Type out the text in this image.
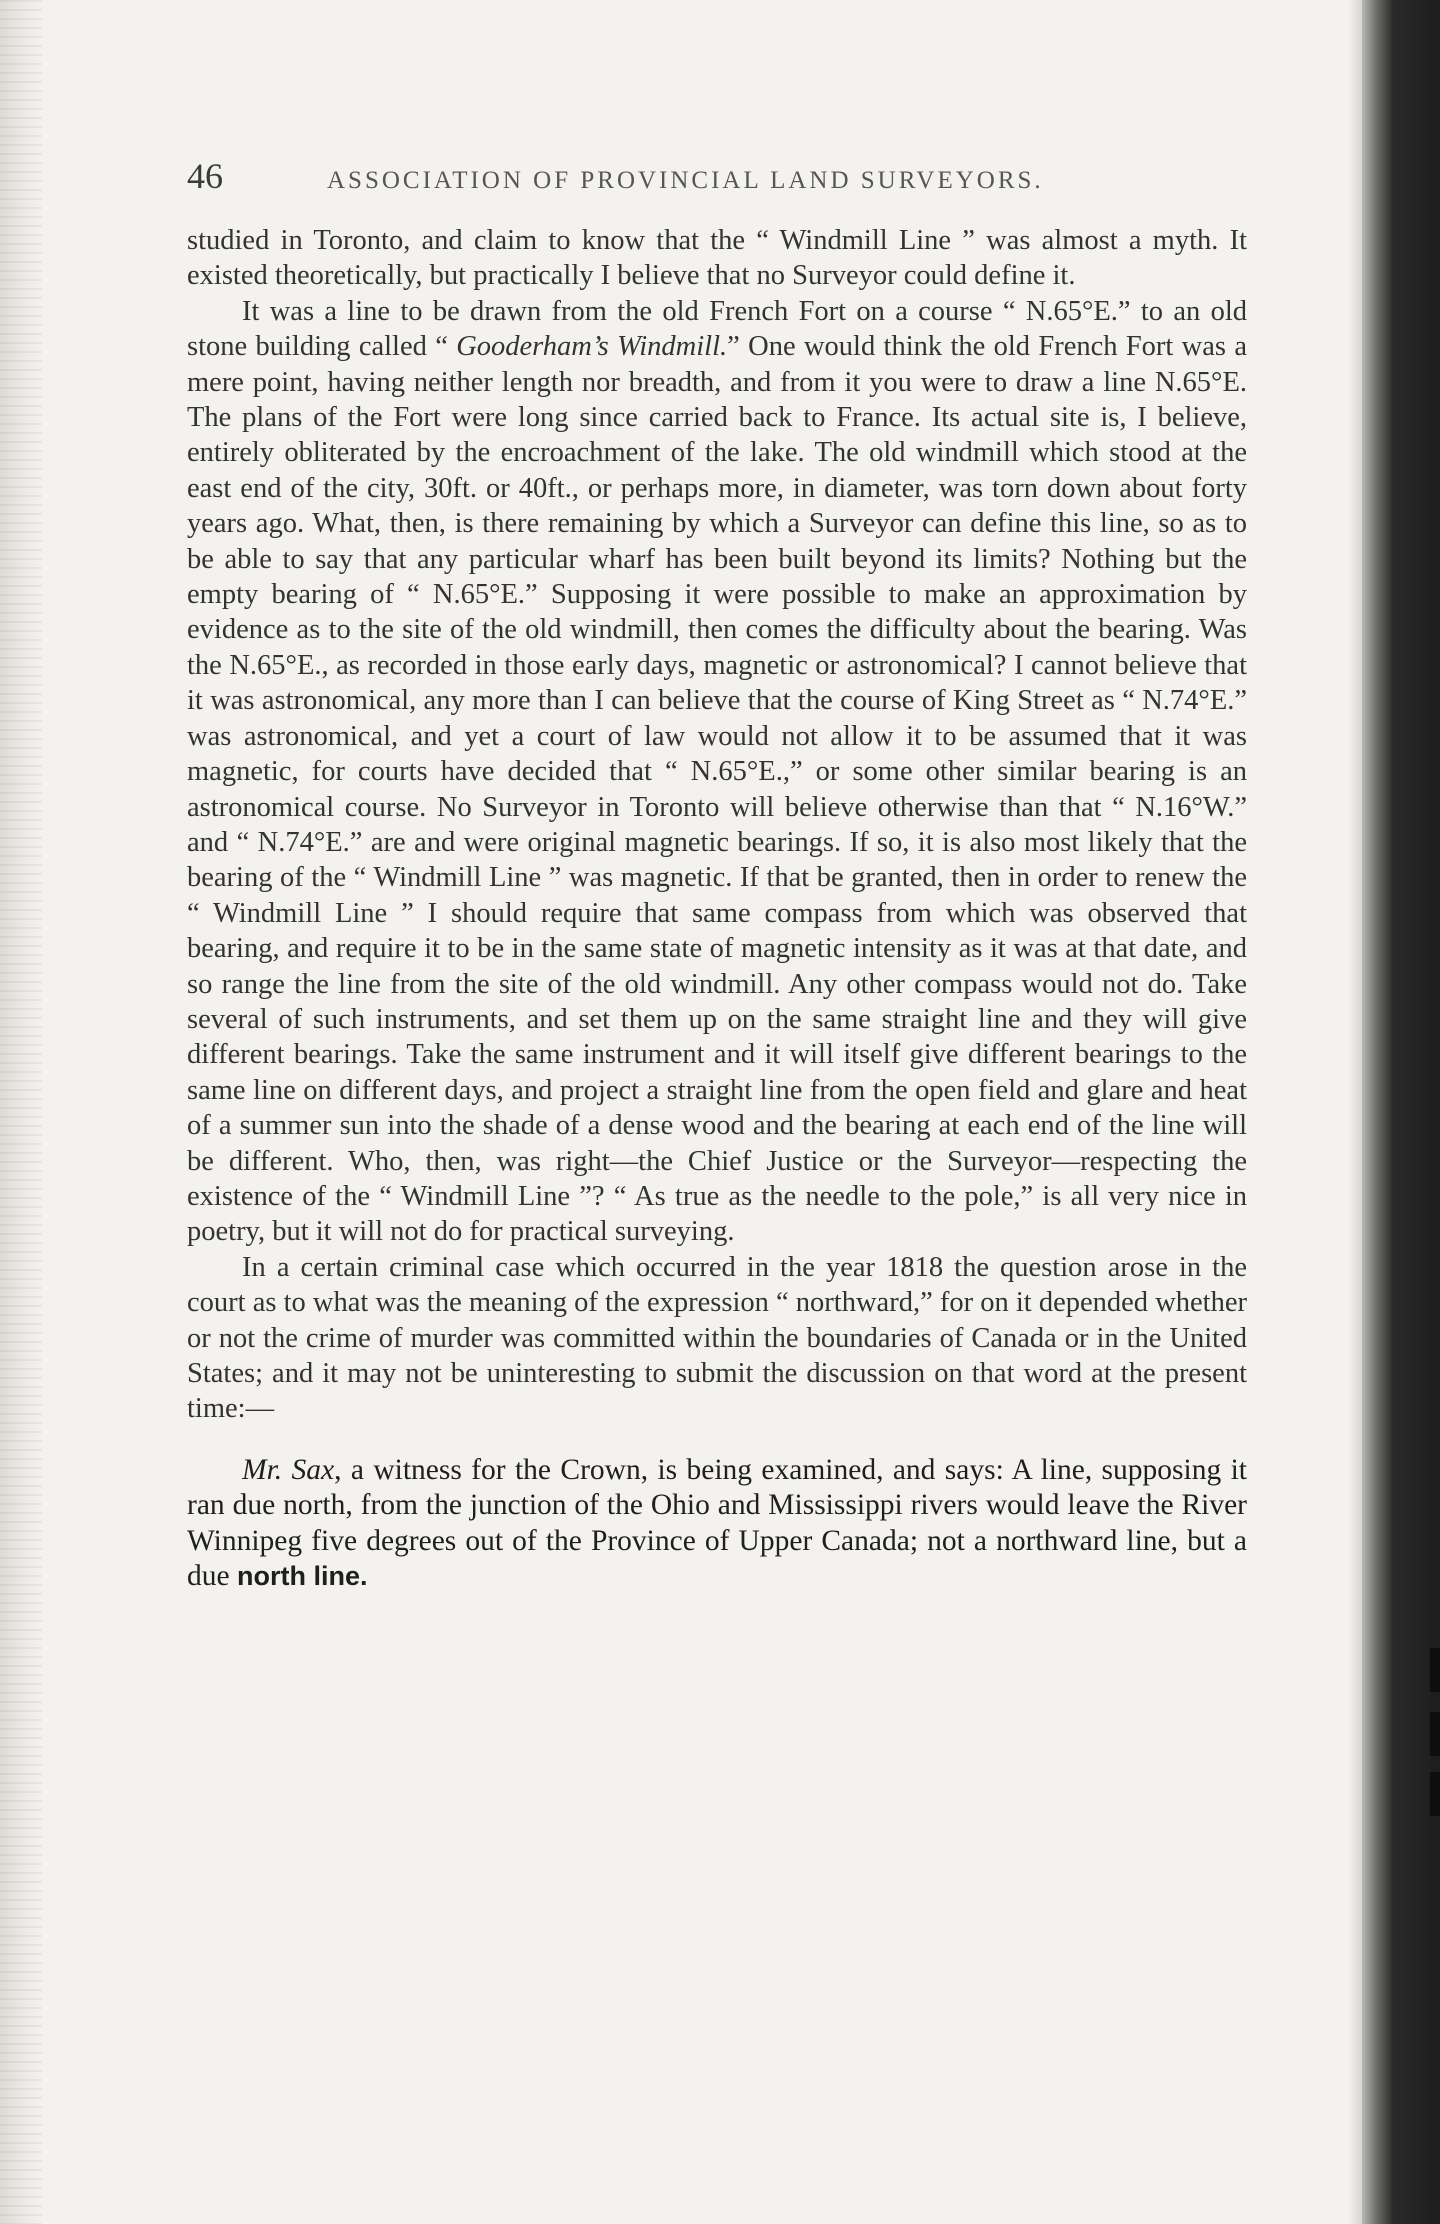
46	ASSOCIATION OF PROVINCIAL LAND SURVEYORS.

studied in Toronto, and claim to know that the “ Windmill Line ” was almost a myth. It existed theoretically, but practically I believe that no Surveyor could define it.

It was a line to be drawn from the old French Fort on a course “ N.65°E.” to an old stone building called “ Gooderham’s Windmill.” One would think the old French Fort was a mere point, having neither length nor breadth, and from it you were to draw a line N.65°E. The plans of the Fort were long since carried back to France. Its actual site is, I believe, entirely obliterated by the encroachment of the lake. The old windmill which stood at the east end of the city, 30ft. or 40ft., or perhaps more, in diameter, was torn down about forty years ago. What, then, is there remaining by which a Surveyor can define this line, so as to be able to say that any particular wharf has been built beyond its limits? Nothing but the empty bearing of “ N.65°E.” Supposing it were possible to make an approximation by evidence as to the site of the old windmill, then comes the difficulty about the bearing. Was the N.65°E., as recorded in those early days, magnetic or astronomical? I cannot believe that it was astronomical, any more than I can believe that the course of King Street as “ N.74°E.” was astronomical, and yet a court of law would not allow it to be assumed that it was magnetic, for courts have decided that “ N.65°E.,” or some other similar bearing is an astronomical course. No Surveyor in Toronto will believe otherwise than that “ N.16°W.” and “ N.74°E.” are and were original magnetic bearings. If so, it is also most likely that the bearing of the “ Windmill Line ” was magnetic. If that be granted, then in order to renew the “ Windmill Line ” I should require that same compass from which was observed that bearing, and require it to be in the same state of magnetic intensity as it was at that date, and so range the line from the site of the old windmill. Any other compass would not do. Take several of such instruments, and set them up on the same straight line and they will give different bearings. Take the same instrument and it will itself give different bearings to the same line on different days, and project a straight line from the open field and glare and heat of a summer sun into the shade of a dense wood and the bearing at each end of the line will be different. Who, then, was right—the Chief Justice or the Surveyor—respecting the existence of the “ Windmill Line ”? “ As true as the needle to the pole,” is all very nice in poetry, but it will not do for practical surveying.

In a certain criminal case which occurred in the year 1818 the question arose in the court as to what was the meaning of the expression “ northward,” for on it depended whether or not the crime of murder was committed within the boundaries of Canada or in the United States; and it may not be uninteresting to submit the discussion on that word at the present time:—

Mr. Sax, a witness for the Crown, is being examined, and says: A line, supposing it ran due north, from the junction of the Ohio and Mississippi rivers would leave the River Winnipeg five degrees out of the Province of Upper Canada; not a northward line, but a due north line.
